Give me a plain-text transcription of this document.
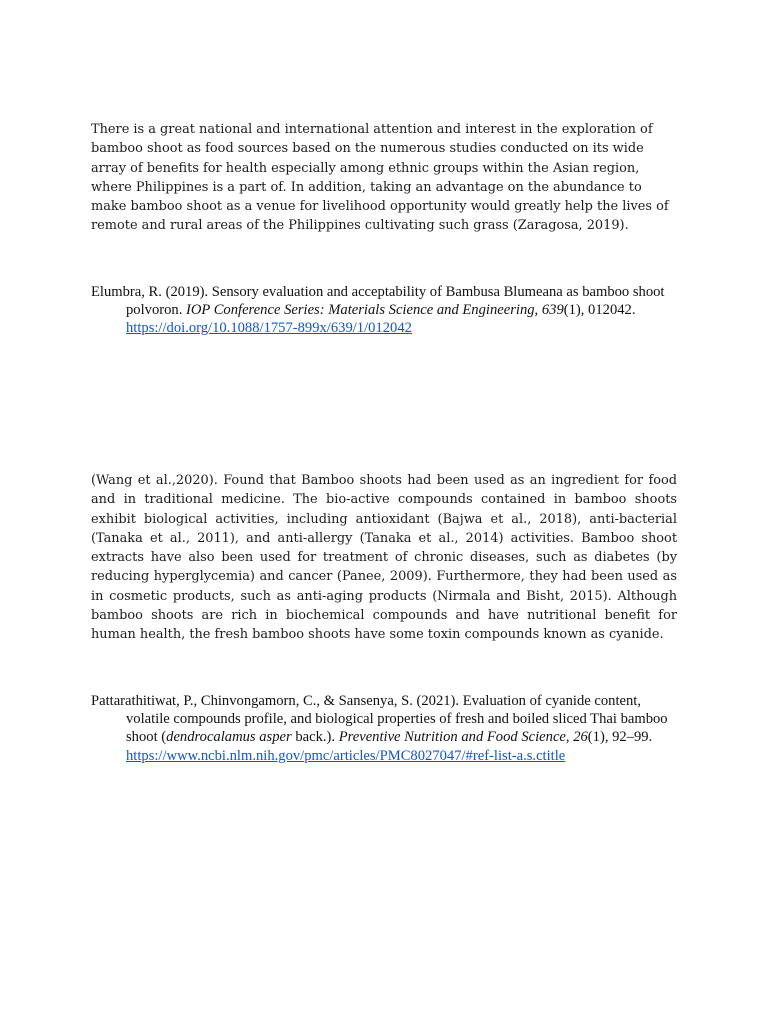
There is a great national and international attention and interest in the exploration of bamboo shoot as food sources based on the numerous studies conducted on its wide array of benefits for health especially among ethnic groups within the Asian region, where Philippines is a part of. In addition, taking an advantage on the abundance to make bamboo shoot as a venue for livelihood opportunity would greatly help the lives of remote and rural areas of the Philippines cultivating such grass (Zaragosa, 2019).

Elumbra, R. (2019). Sensory evaluation and acceptability of Bambusa Blumeana as bamboo shoot polvoron. IOP Conference Series: Materials Science and Engineering, 639(1), 012042. https://doi.org/10.1088/1757-899x/639/1/012042

(Wang et al.,2020). Found that Bamboo shoots had been used as an ingredient for food and in traditional medicine. The bio-active compounds contained in bamboo shoots exhibit biological activities, including antioxidant (Bajwa et al., 2018), anti-bacterial (Tanaka et al., 2011), and anti-allergy (Tanaka et al., 2014) activities. Bamboo shoot extracts have also been used for treatment of chronic diseases, such as diabetes (by reducing hyperglycemia) and cancer (Panee, 2009). Furthermore, they had been used as in cosmetic products, such as anti-aging products (Nirmala and Bisht, 2015). Although bamboo shoots are rich in biochemical compounds and have nutritional benefit for human health, the fresh bamboo shoots have some toxin compounds known as cyanide.

Pattarathitiwat, P., Chinvongamorn, C., & Sansenya, S. (2021). Evaluation of cyanide content, volatile compounds profile, and biological properties of fresh and boiled sliced Thai bamboo shoot (dendrocalamus asper back.). Preventive Nutrition and Food Science, 26(1), 92–99. https://www.ncbi.nlm.nih.gov/pmc/articles/PMC8027047/#ref-list-a.s.ctitle
